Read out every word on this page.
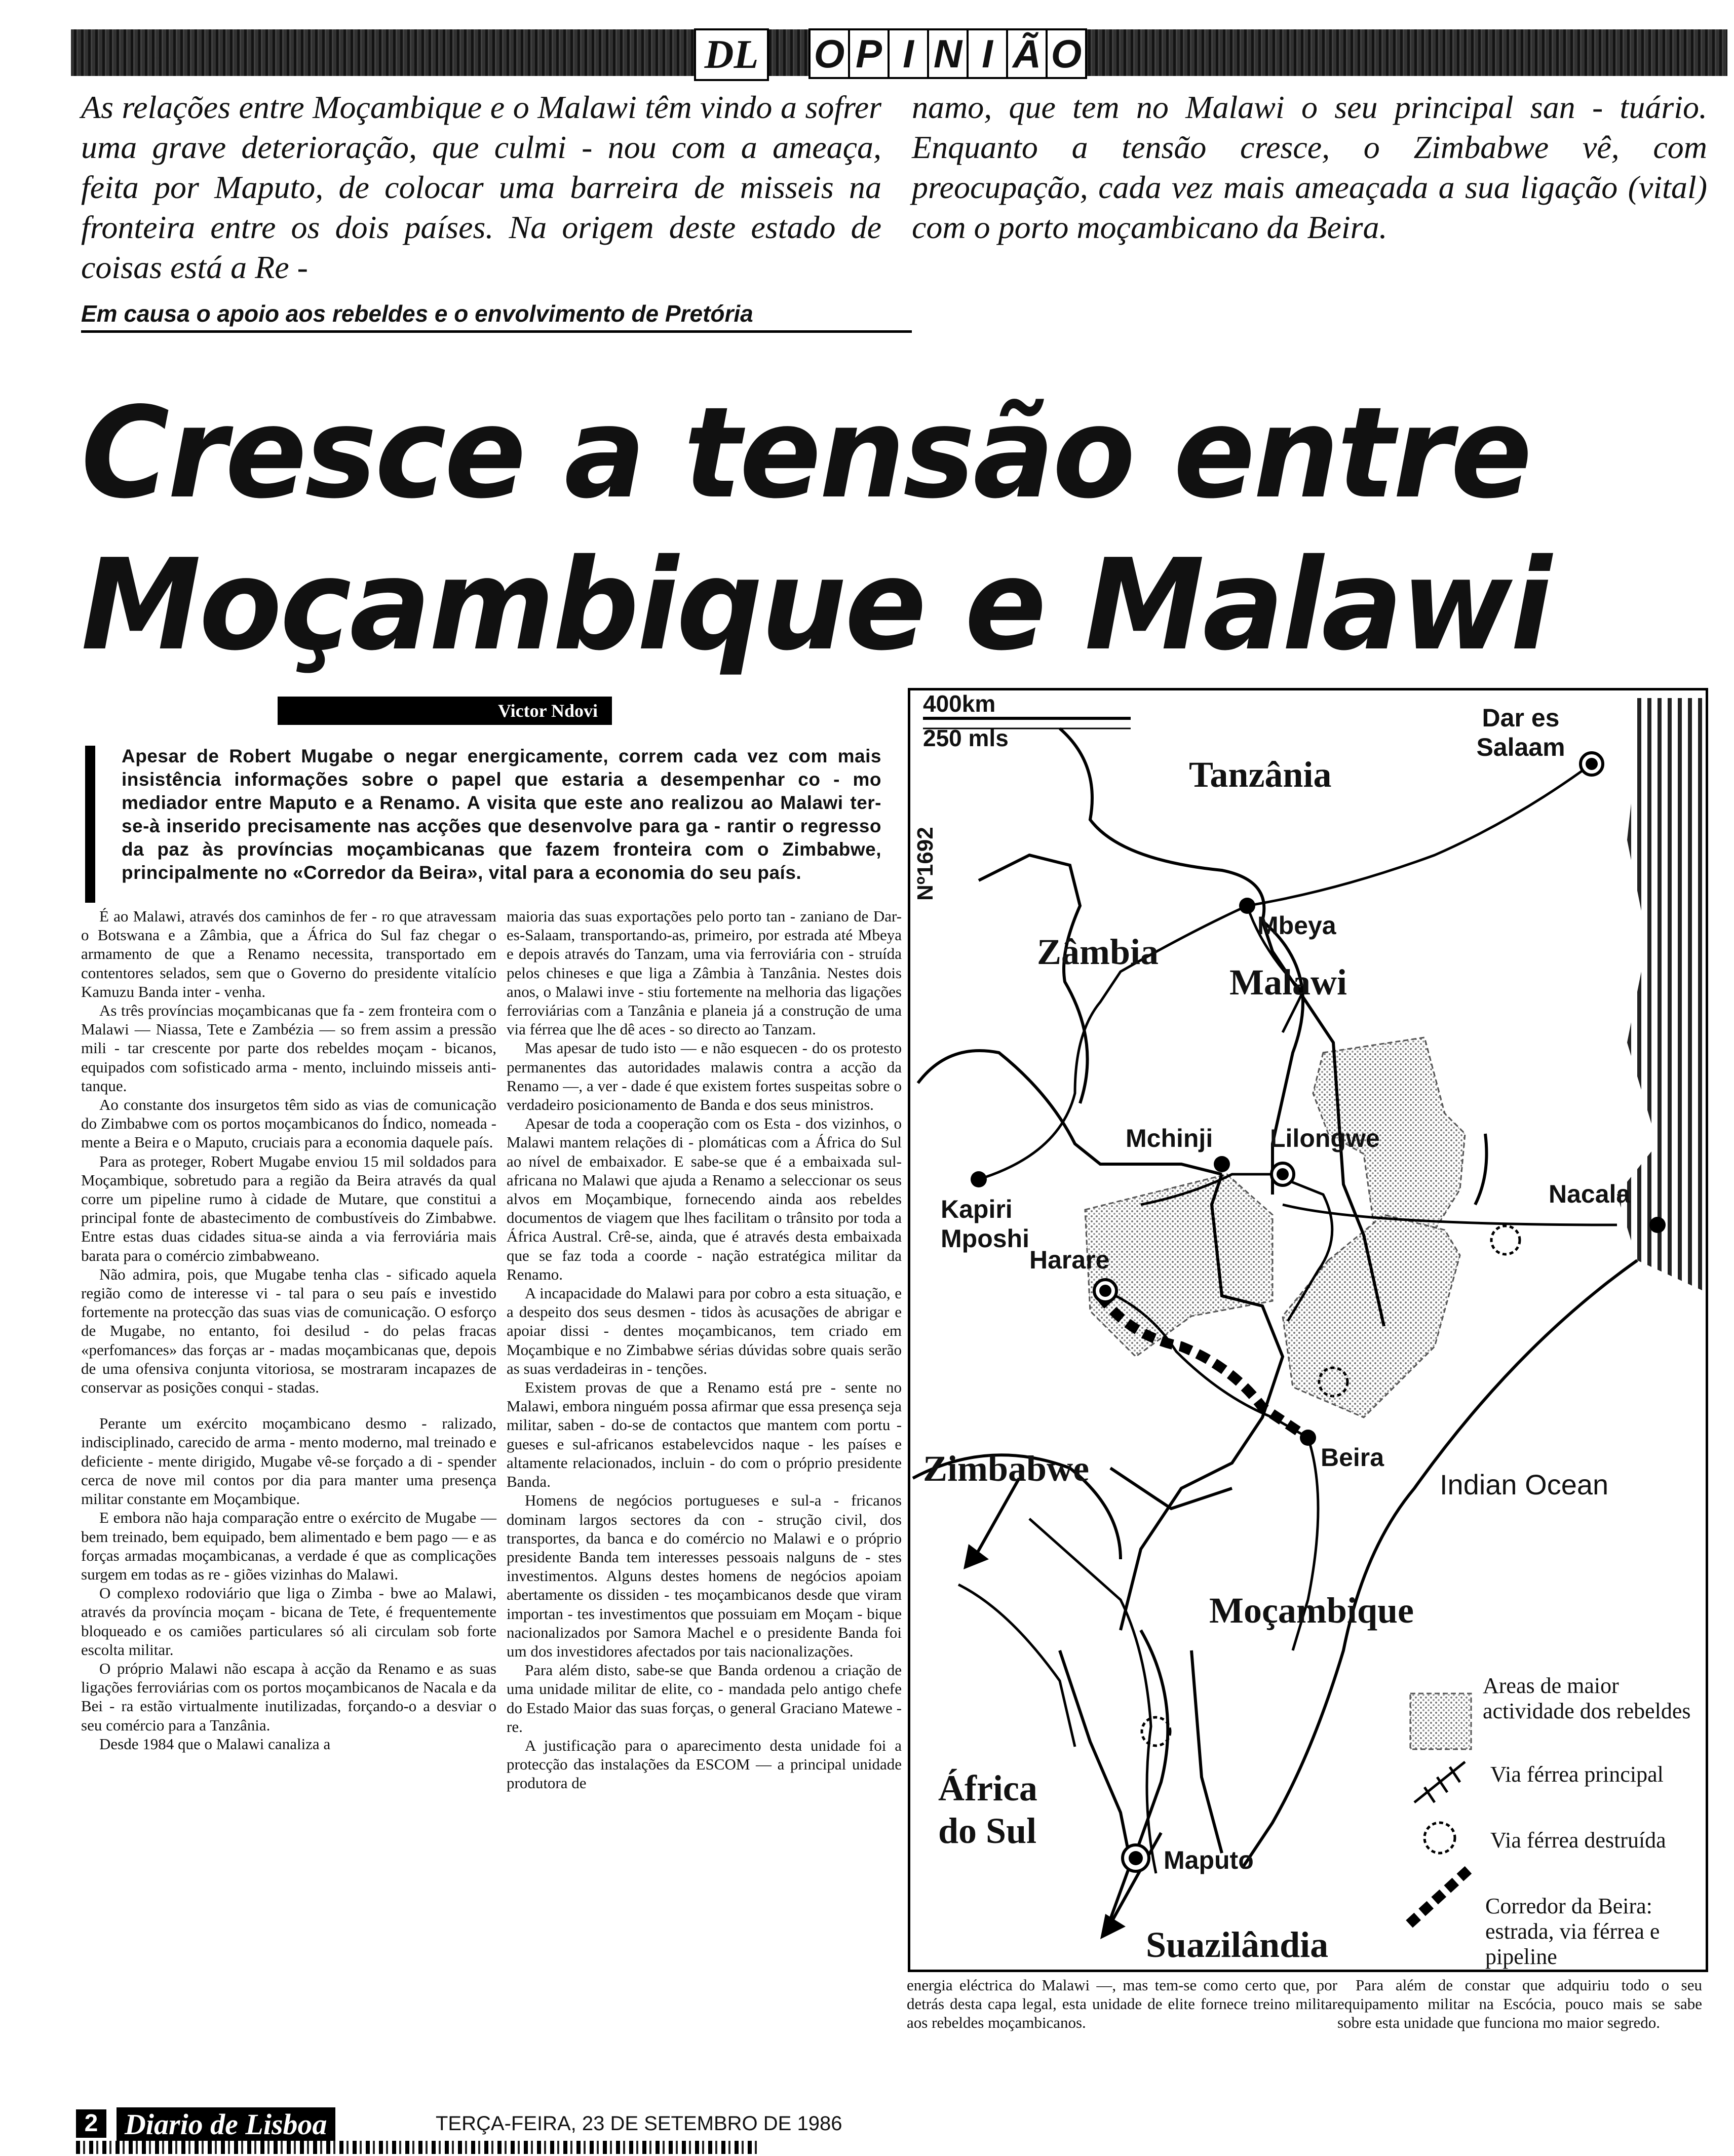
DL O P I N I Ã O
As relações entre Moçambique e o Malawi têm vindo a sofrer uma grave deterioração, que culmi - nou com a ameaça, feita por Maputo, de colocar uma barreira de misseis na fronteira entre os dois países. Na origem deste estado de coisas está a Re -
namo, que tem no Malawi o seu principal san - tuário. Enquanto a tensão cresce, o Zimbabwe vê, com preocupação, cada vez mais ameaçada a sua ligação (vital) com o porto moçambicano da Beira.
Em causa o apoio aos rebeldes e o envolvimento de Pretória
Cresce a tensão entre
Moçambique e Malawi
Victor Ndovi
Apesar de Robert Mugabe o negar energicamente, correm cada vez com mais insistência informações sobre o papel que estaria a desempenhar co - mo mediador entre Maputo e a Renamo. A visita que este ano realizou ao Malawi ter-se-à inserido precisamente nas acções que desenvolve para ga - rantir o regresso da paz às províncias moçambicanas que fazem fronteira com o Zimbabwe, principalmente no «Corredor da Beira», vital para a economia do seu país.

É ao Malawi, através dos caminhos de fer - ro que atravessam o Botswana e a Zâmbia, que a África do Sul faz chegar o armamento de que a Renamo necessita, transportado em contentores selados, sem que o Governo do presidente vitalício Kamuzu Banda inter - venha.

As três províncias moçambicanas que fa - zem fronteira com o Malawi — Niassa, Tete e Zambézia — so frem assim a pressão mili - tar crescente por parte dos rebeldes moçam - bicanos, equipados com sofisticado arma - mento, incluindo misseis anti-tanque.

Ao constante dos insurgetos têm sido as vias de comunicação do Zimbabwe com os portos moçambicanos do Índico, nomeada - mente a Beira e o Maputo, cruciais para a economia daquele país.

Para as proteger, Robert Mugabe enviou 15 mil soldados para Moçambique, sobretudo para a região da Beira através da qual corre um pipeline rumo à cidade de Mutare, que constitui a principal fonte de abastecimento de combustíveis do Zimbabwe. Entre estas duas cidades situa-se ainda a via ferroviária mais barata para o comércio zimbabweano.

Não admira, pois, que Mugabe tenha clas - sificado aquela região como de interesse vi - tal para o seu país e investido fortemente na protecção das suas vias de comunicação. O esforço de Mugabe, no entanto, foi desilud - do pelas fracas «perfomances» das forças ar - madas moçambicanas que, depois de uma ofensiva conjunta vitoriosa, se mostraram incapazes de conservar as posições conqui - stadas.

Perante um exército moçambicano desmo - ralizado, indisciplinado, carecido de arma - mento moderno, mal treinado e deficiente - mente dirigido, Mugabe vê-se forçado a di - spender cerca de nove mil contos por dia para manter uma presença militar constante em Moçambique.

E embora não haja comparação entre o exército de Mugabe —bem treinado, bem equipado, bem alimentado e bem pago — e as forças armadas moçambicanas, a verdade é que as complicações surgem em todas as re - giões vizinhas do Malawi.

O complexo rodoviário que liga o Zimba - bwe ao Malawi, através da província moçam - bicana de Tete, é frequentemente bloqueado e os camiões particulares só ali circulam sob forte escolta militar.

O próprio Malawi não escapa à acção da Renamo e as suas ligações ferroviárias com os portos moçambicanos de Nacala e da Bei - ra estão virtualmente inutilizadas, forçando-o a desviar o seu comércio para a Tanzânia.

Desde 1984 que o Malawi canaliza a

maioria das suas exportações pelo porto tan - zaniano de Dar-es-Salaam, transportando-as, primeiro, por estrada até Mbeya e depois através do Tanzam, uma via ferroviária con - struída pelos chineses e que liga a Zâmbia à Tanzânia. Nestes dois anos, o Malawi inve - stiu fortemente na melhoria das ligações ferroviárias com a Tanzânia e planeia já a construção de uma via férrea que lhe dê aces - so directo ao Tanzam.

Mas apesar de tudo isto — e não esquecen - do os protesto permanentes das autoridades malawis contra a acção da Renamo —, a ver - dade é que existem fortes suspeitas sobre o verdadeiro posicionamento de Banda e dos seus ministros.

Apesar de toda a cooperação com os Esta - dos vizinhos, o Malawi mantem relações di - plomáticas com a África do Sul ao nível de embaixador. E sabe-se que é a embaixada sul-africana no Malawi que ajuda a Renamo a seleccionar os seus alvos em Moçambique, fornecendo ainda aos rebeldes documentos de viagem que lhes facilitam o trânsito por toda a África Austral. Crê-se, ainda, que é através desta embaixada que se faz toda a coorde - nação estratégica militar da Renamo.

A incapacidade do Malawi para por cobro a esta situação, e a despeito dos seus desmen - tidos às acusações de abrigar e apoiar dissi - dentes moçambicanos, tem criado em Moçambique e no Zimbabwe sérias dúvidas sobre quais serão as suas verdadeiras in - tenções.

Existem provas de que a Renamo está pre - sente no Malawi, embora ninguém possa afirmar que essa presença seja militar, saben - do-se de contactos que mantem com portu - gueses e sul-africanos estabelevcidos naque - les países e altamente relacionados, incluin - do com o próprio presidente Banda.

Homens de negócios portugueses e sul-a - fricanos dominam largos sectores da con - strução civil, dos transportes, da banca e do comércio no Malawi e o próprio presidente Banda tem interesses pessoais nalguns de - stes investimentos. Alguns destes homens de negócios apoiam abertamente os dissiden - tes moçambicanos desde que viram importan - tes investimentos que possuiam em Moçam - bique nacionalizados por Samora Machel e o presidente Banda foi um dos investidores afectados por tais nacionalizações.

Para além disto, sabe-se que Banda ordenou a criação de uma unidade militar de elite, co - mandada pelo antigo chefe do Estado Maior das suas forças, o general Graciano Matewe - re.

A justificação para o aparecimento desta unidade foi a protecção das instalações da ESCOM — a principal unidade produtora de

energia eléctrica do Malawi —, mas tem-se como certo que, por detrás desta capa legal, esta unidade de elite fornece treino militar aos rebeldes moçambicanos.

Para além de constar que adquiriu todo o seu equipamento militar na Escócia, pouco mais se sabe sobre esta unidade que funciona mo maior segredo.

400km
250 mls
Nº1692
Tanzânia
Zâmbia
Malawi
Zimbabwe
Moçambique
África do Sul
Suazilândia
Dar es Salaam
Mbeya
Mchinji Lilongwe
Kapiri Mposhi
Nacala
Harare
Beira
Maputo
Indian Ocean
Areas de maior actividade dos rebeldes
Via férrea principal
Via férrea destruída
Corredor da Beira: estrada, via férrea e pipeline
2 Diario de Lisboa	TERÇA-FEIRA, 23 DE SETEMBRO DE 1986
